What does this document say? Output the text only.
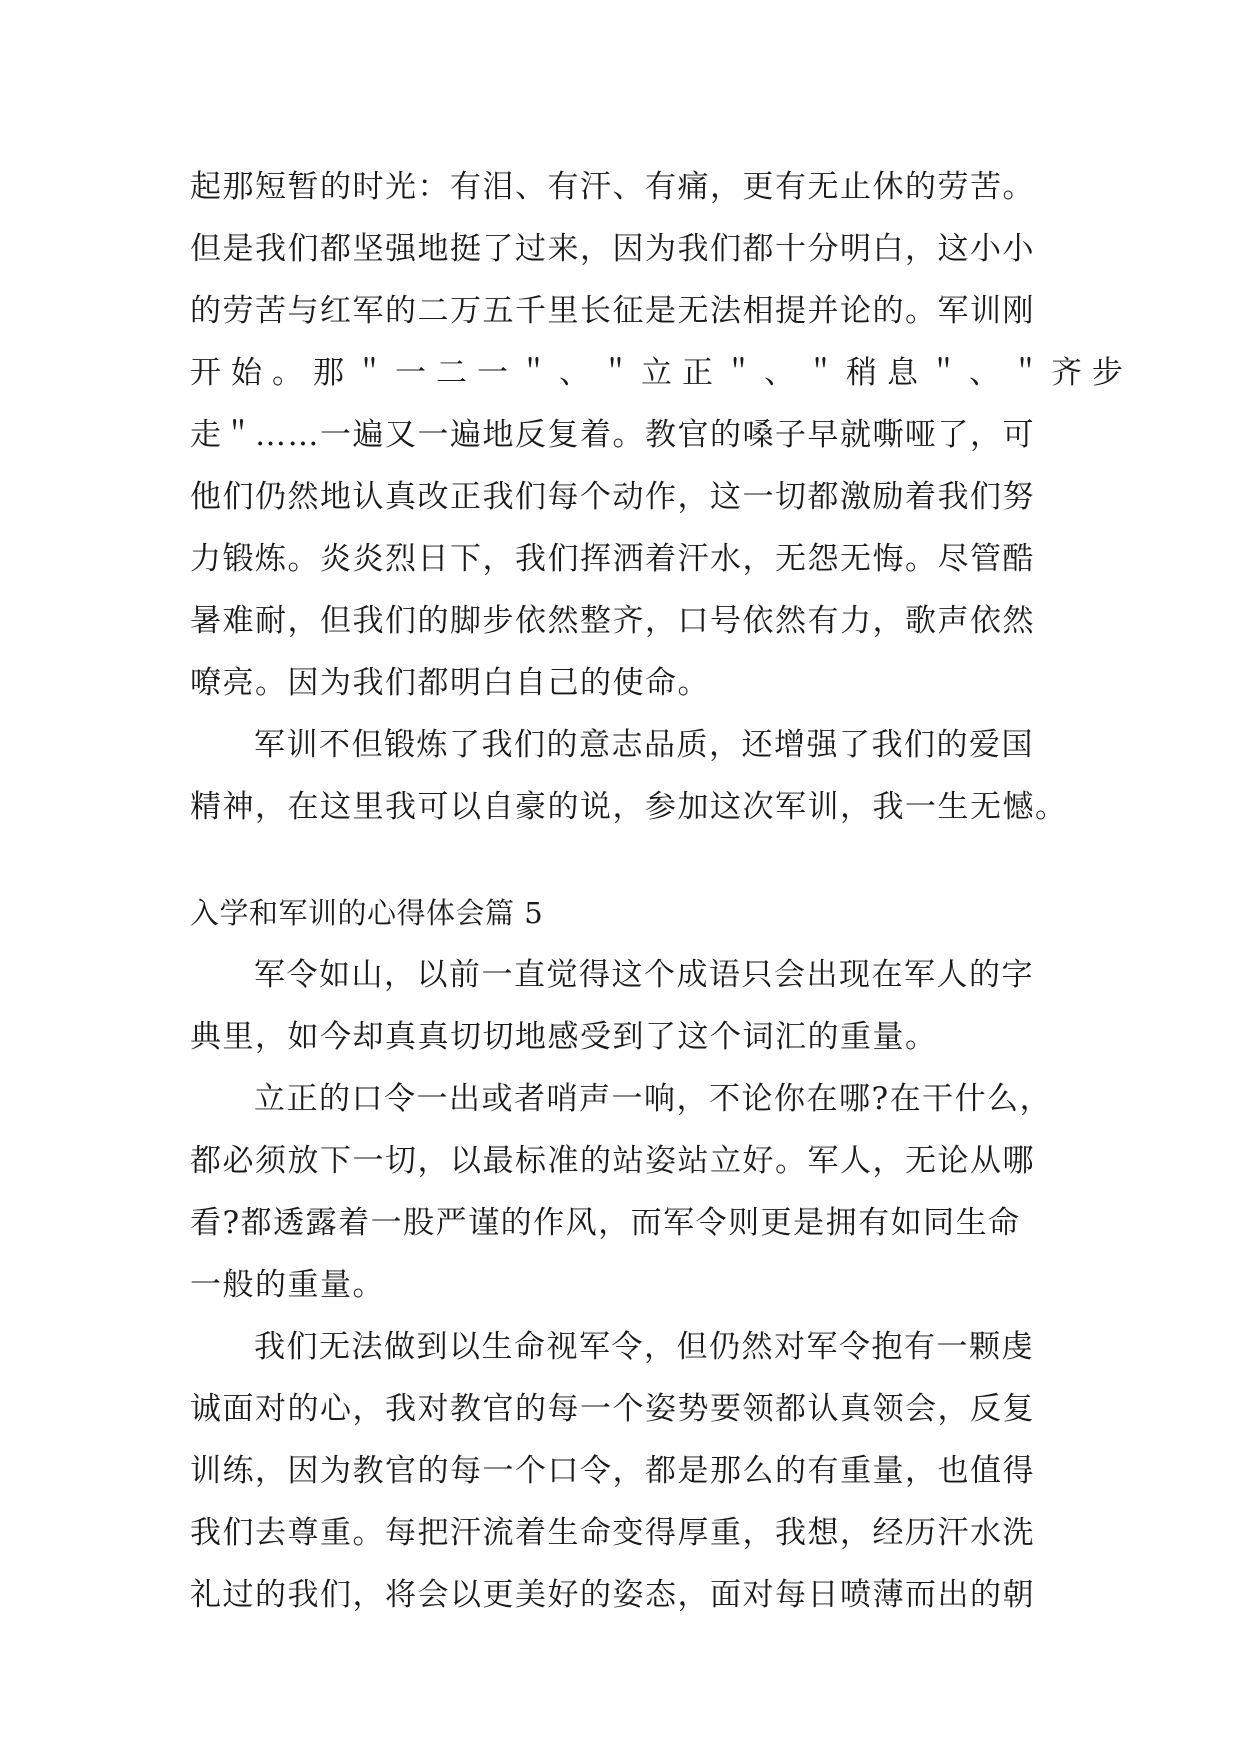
起那短暂的时光：有泪、有汗、有痛，更有无止休的劳苦。
但是我们都坚强地挺了过来，因为我们都十分明白，这小小
的劳苦与红军的二万五千里长征是无法相提并论的。军训刚
开始。那＂一二一＂、＂立正＂、＂稍息＂、＂齐步
走＂……一遍又一遍地反复着。教官的嗓子早就嘶哑了，可
他们仍然地认真改正我们每个动作，这一切都激励着我们努
力锻炼。炎炎烈日下，我们挥洒着汗水，无怨无悔。尽管酷
暑难耐，但我们的脚步依然整齐，口号依然有力，歌声依然
嘹亮。因为我们都明白自己的使命。
军训不但锻炼了我们的意志品质，还增强了我们的爱国
精神，在这里我可以自豪的说，参加这次军训，我一生无憾。
入学和军训的心得体会篇 5
军令如山，以前一直觉得这个成语只会出现在军人的字
典里，如今却真真切切地感受到了这个词汇的重量。
立正的口令一出或者哨声一响，不论你在哪?在干什么，
都必须放下一切，以最标准的站姿站立好。军人，无论从哪
看?都透露着一股严谨的作风，而军令则更是拥有如同生命
一般的重量。
我们无法做到以生命视军令，但仍然对军令抱有一颗虔
诚面对的心，我对教官的每一个姿势要领都认真领会，反复
训练，因为教官的每一个口令，都是那么的有重量，也值得
我们去尊重。每把汗流着生命变得厚重，我想，经历汗水洗
礼过的我们，将会以更美好的姿态，面对每日喷薄而出的朝
